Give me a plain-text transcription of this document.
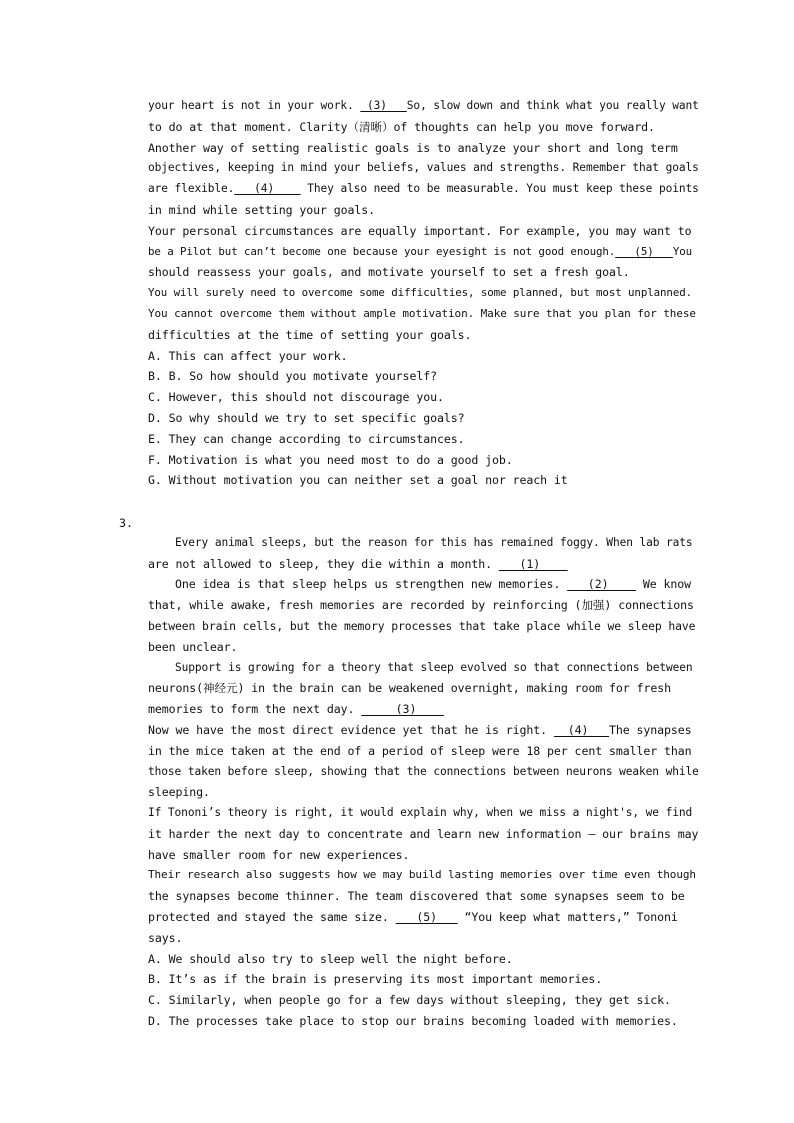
your heart is not in your work.  (3)   So, slow down and think what you really want
to do at that moment. Clarity（清晰）of thoughts can help you move forward.
Another way of setting realistic goals is to analyze your short and long term
objectives, keeping in mind your beliefs, values and strengths. Remember that goals
are flexible.   (4)     They also need to be measurable. You must keep these points
in mind while setting your goals.
Your personal circumstances are equally important. For example, you may want to
be a Pilot but can’t become one because your eyesight is not good enough.   (5)   You
should reassess your goals, and motivate yourself to set a fresh goal.
You will surely need to overcome some difficulties, some planned, but most unplanned.
You cannot overcome them without ample motivation. Make sure that you plan for these
difficulties at the time of setting your goals.
A. This can affect your work.
B. B. So how should you motivate yourself?
C. However, this should not discourage you.
D. So why should we try to set specific goals?
E. They can change according to circumstances.
F. Motivation is what you need most to do a good job.
G. Without motivation you can neither set a goal nor reach it
Every animal sleeps, but the reason for this has remained foggy. When lab rats
are not allowed to sleep, they die within a month.    (1)
One idea is that sleep helps us strengthen new memories.    (2)     We know
that, while awake, fresh memories are recorded by reinforcing (加强) connections
between brain cells, but the memory processes that take place while we sleep have
been unclear.
Support is growing for a theory that sleep evolved so that connections between
neurons(神经元) in the brain can be weakened overnight, making room for fresh
memories to form the next day.      (3)
Now we have the most direct evidence yet that he is right.   (4)   The synapses
in the mice taken at the end of a period of sleep were 18 per cent smaller than
those taken before sleep, showing that the connections between neurons weaken while
sleeping.
If Tononi’s theory is right, it would explain why, when we miss a night's, we find
it harder the next day to concentrate and learn new information — our brains may
have smaller room for new experiences.
Their research also suggests how we may build lasting memories over time even though
the synapses become thinner. The team discovered that some synapses seem to be
protected and stayed the same size.    (5)    “You keep what matters,” Tononi
says.
A. We should also try to sleep well the night before.
B. It’s as if the brain is preserving its most important memories.
C. Similarly, when people go for a few days without sleeping, they get sick.
D. The processes take place to stop our brains becoming loaded with memories.
3.
